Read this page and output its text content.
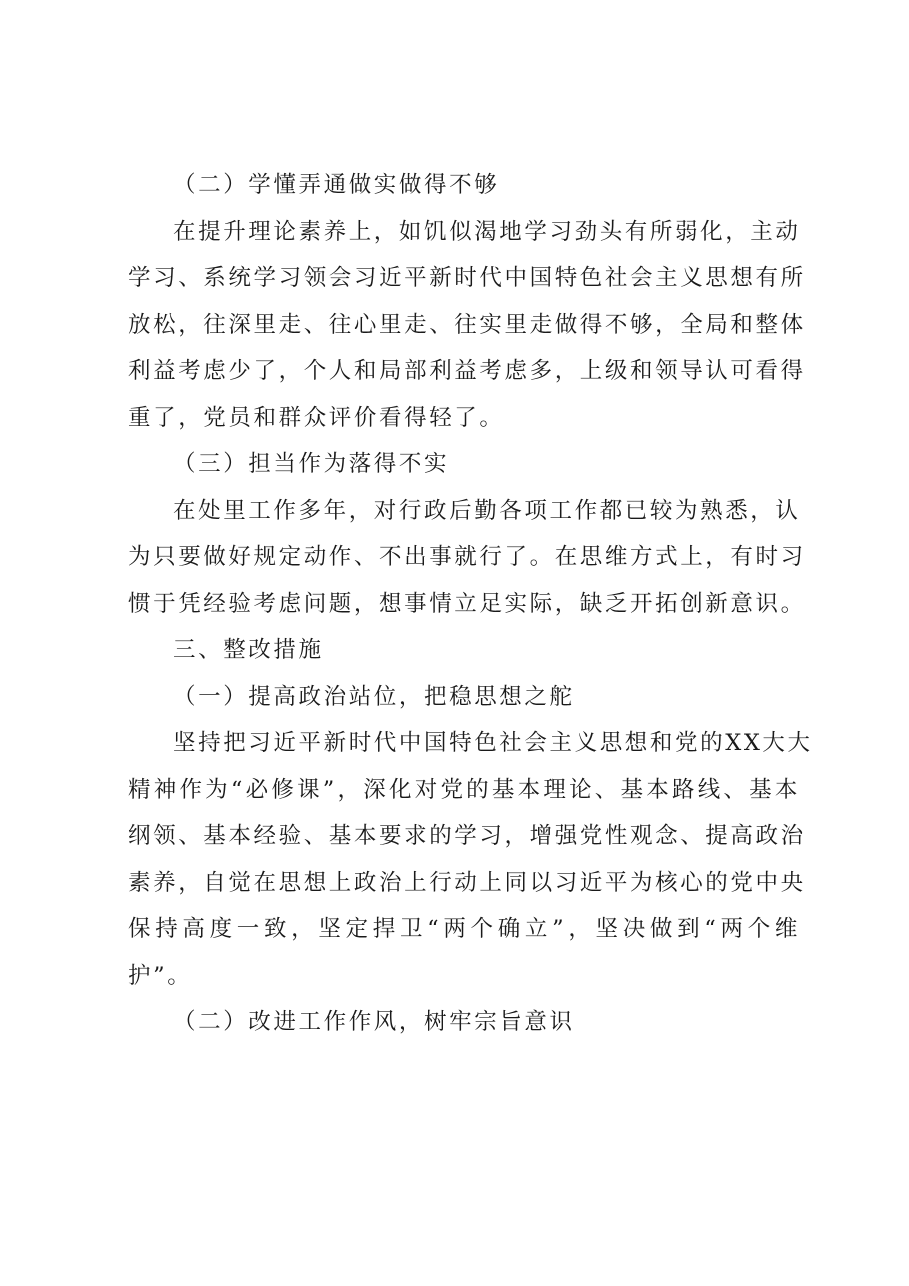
（二）学懂弄通做实做得不够
在提升理论素养上，如饥似渴地学习劲头有所弱化，主动
学习、系统学习领会习近平新时代中国特色社会主义思想有所
放松，往深里走、往心里走、往实里走做得不够，全局和整体
利益考虑少了，个人和局部利益考虑多，上级和领导认可看得
重了，党员和群众评价看得轻了。
（三）担当作为落得不实
在处里工作多年，对行政后勤各项工作都已较为熟悉，认
为只要做好规定动作、不出事就行了。在思维方式上，有时习
惯于凭经验考虑问题，想事情立足实际，缺乏开拓创新意识。
三、整改措施
（一）提高政治站位，把稳思想之舵
坚持把习近平新时代中国特色社会主义思想和党的XX大大
精神作为“必修课”，深化对党的基本理论、基本路线、基本
纲领、基本经验、基本要求的学习，增强党性观念、提高政治
素养，自觉在思想上政治上行动上同以习近平为核心的党中央
保持高度一致，坚定捍卫“两个确立”，坚决做到“两个维
护”。
（二）改进工作作风，树牢宗旨意识
